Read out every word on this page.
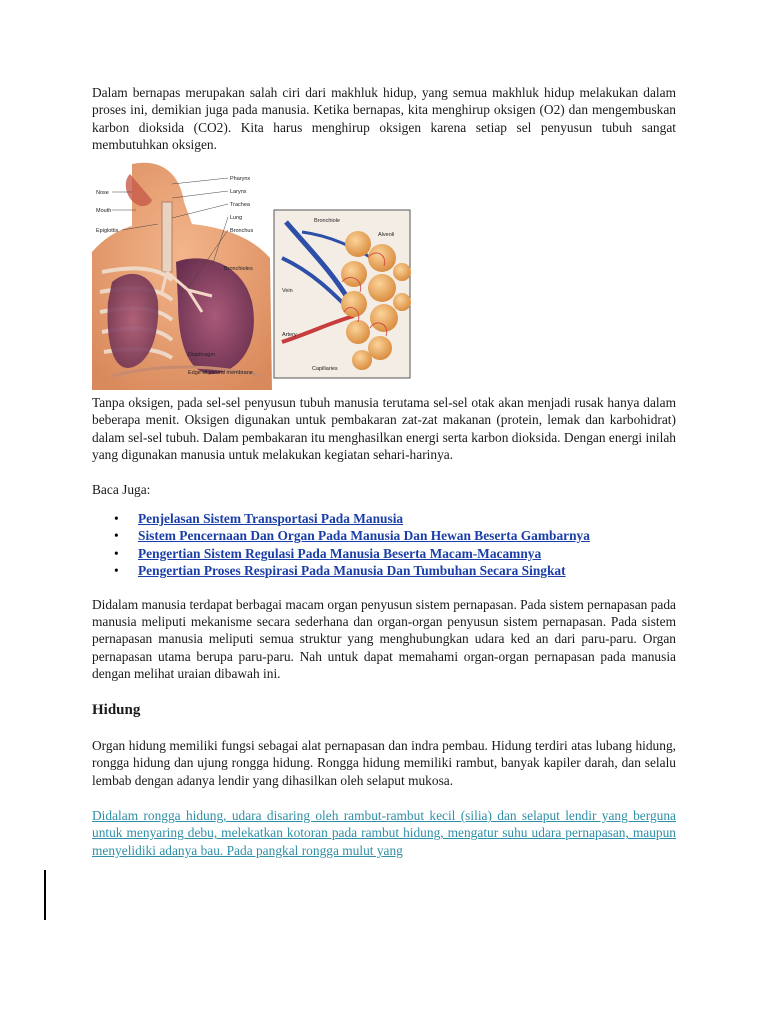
Dalam bernapas merupakan salah ciri dari makhluk hidup, yang semua makhluk hidup melakukan dalam proses ini, demikian juga pada manusia. Ketika bernapas, kita menghirup oksigen (O2) dan mengembuskan karbon dioksida (CO2). Kita harus menghirup oksigen karena setiap sel penyusun tubuh sangat membutuhkan oksigen.

Nose
Mouth
Epiglottis
Pharynx
Larynx
Trachea
Lung
Bronchus
Bronchioles
Diaphragm
Edge of pleural membrane
Bronchiole
Alveoli
Vein
Artery
Capillaries

Tanpa oksigen, pada sel-sel penyusun tubuh manusia terutama sel-sel otak akan menjadi rusak hanya dalam beberapa menit. Oksigen digunakan untuk pembakaran zat-zat makanan (protein, lemak dan karbohidrat) dalam sel-sel tubuh. Dalam pembakaran itu menghasilkan energi serta karbon dioksida. Dengan energi inilah yang digunakan manusia untuk melakukan kegiatan sehari-harinya.

Baca Juga:

• Penjelasan Sistem Transportasi Pada Manusia
• Sistem Pencernaan Dan Organ Pada Manusia Dan Hewan Beserta Gambarnya
• Pengertian Sistem Regulasi Pada Manusia Beserta Macam-Macamnya
• Pengertian Proses Respirasi Pada Manusia Dan Tumbuhan Secara Singkat

Didalam manusia terdapat berbagai macam organ penyusun sistem pernapasan. Pada sistem pernapasan pada manusia meliputi mekanisme secara sederhana dan organ-organ penyusun sistem pernapasan. Pada sistem pernapasan manusia meliputi semua struktur yang menghubungkan udara ked an dari paru-paru. Organ pernapasan utama berupa paru-paru. Nah untuk dapat memahami organ-organ pernapasan pada manusia dengan melihat uraian dibawah ini.

Hidung

Organ hidung memiliki fungsi sebagai alat pernapasan dan indra pembau. Hidung terdiri atas lubang hidung, rongga hidung dan ujung rongga hidung. Rongga hidung memiliki rambut, banyak kapiler darah, dan selalu lembab dengan adanya lendir yang dihasilkan oleh selaput mukosa.

Didalam rongga hidung, udara disaring oleh rambut-rambut kecil (silia) dan selaput lendir yang berguna untuk menyaring debu, melekatkan kotoran pada rambut hidung, mengatur suhu udara pernapasan, maupun menyelidiki adanya bau. Pada pangkal rongga mulut yang
